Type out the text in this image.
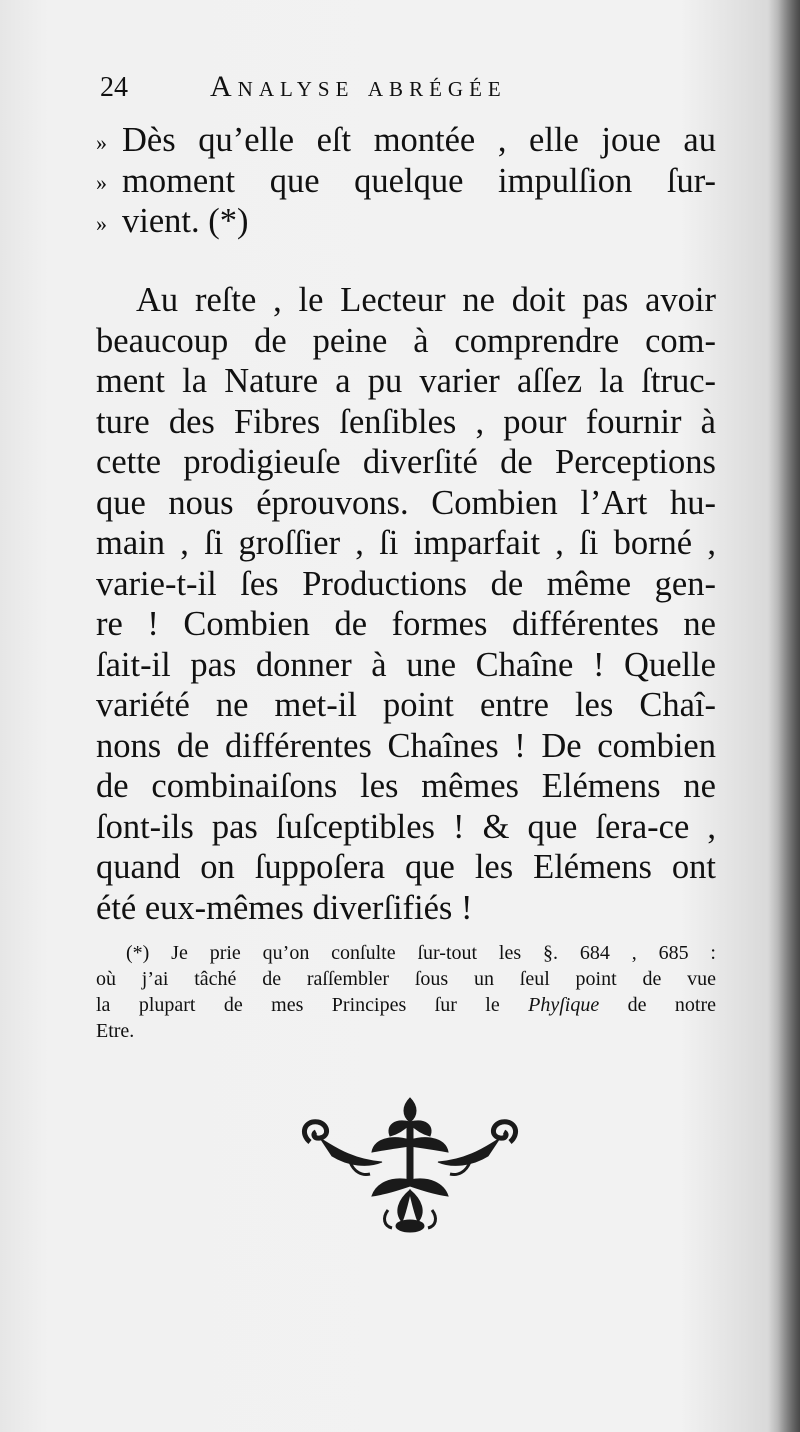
24	Analyse abrégée
» Dès qu’elle eſt montée , elle joue au
» moment que quelque impulſion ſur-
» vient. (*)
Au reſte , le Lecteur ne doit pas avoir
beaucoup de peine à comprendre com-
ment la Nature a pu varier aſſez la ſtruc-
ture des Fibres ſenſibles , pour fournir à
cette prodigieuſe diverſité de Perceptions
que nous éprouvons. Combien l’Art hu-
main , ſi groſſier , ſi imparfait , ſi borné ,
varie-t-il ſes Productions de même gen-
re ! Combien de formes différentes ne
ſait-il pas donner à une Chaîne ! Quelle
variété ne met-il point entre les Chaî-
nons de différentes Chaînes ! De combien
de combinaiſons les mêmes Elémens ne
ſont-ils pas ſuſceptibles ! & que ſera-ce ,
quand on ſuppoſera que les Elémens ont
été eux-mêmes diverſifiés !
(*) Je prie qu’on conſulte ſur-tout les §. 684 , 685 :
où j’ai tâché de raſſembler ſous un ſeul point de vue
la plupart de mes Principes ſur le Phyſique de notre
Etre.
